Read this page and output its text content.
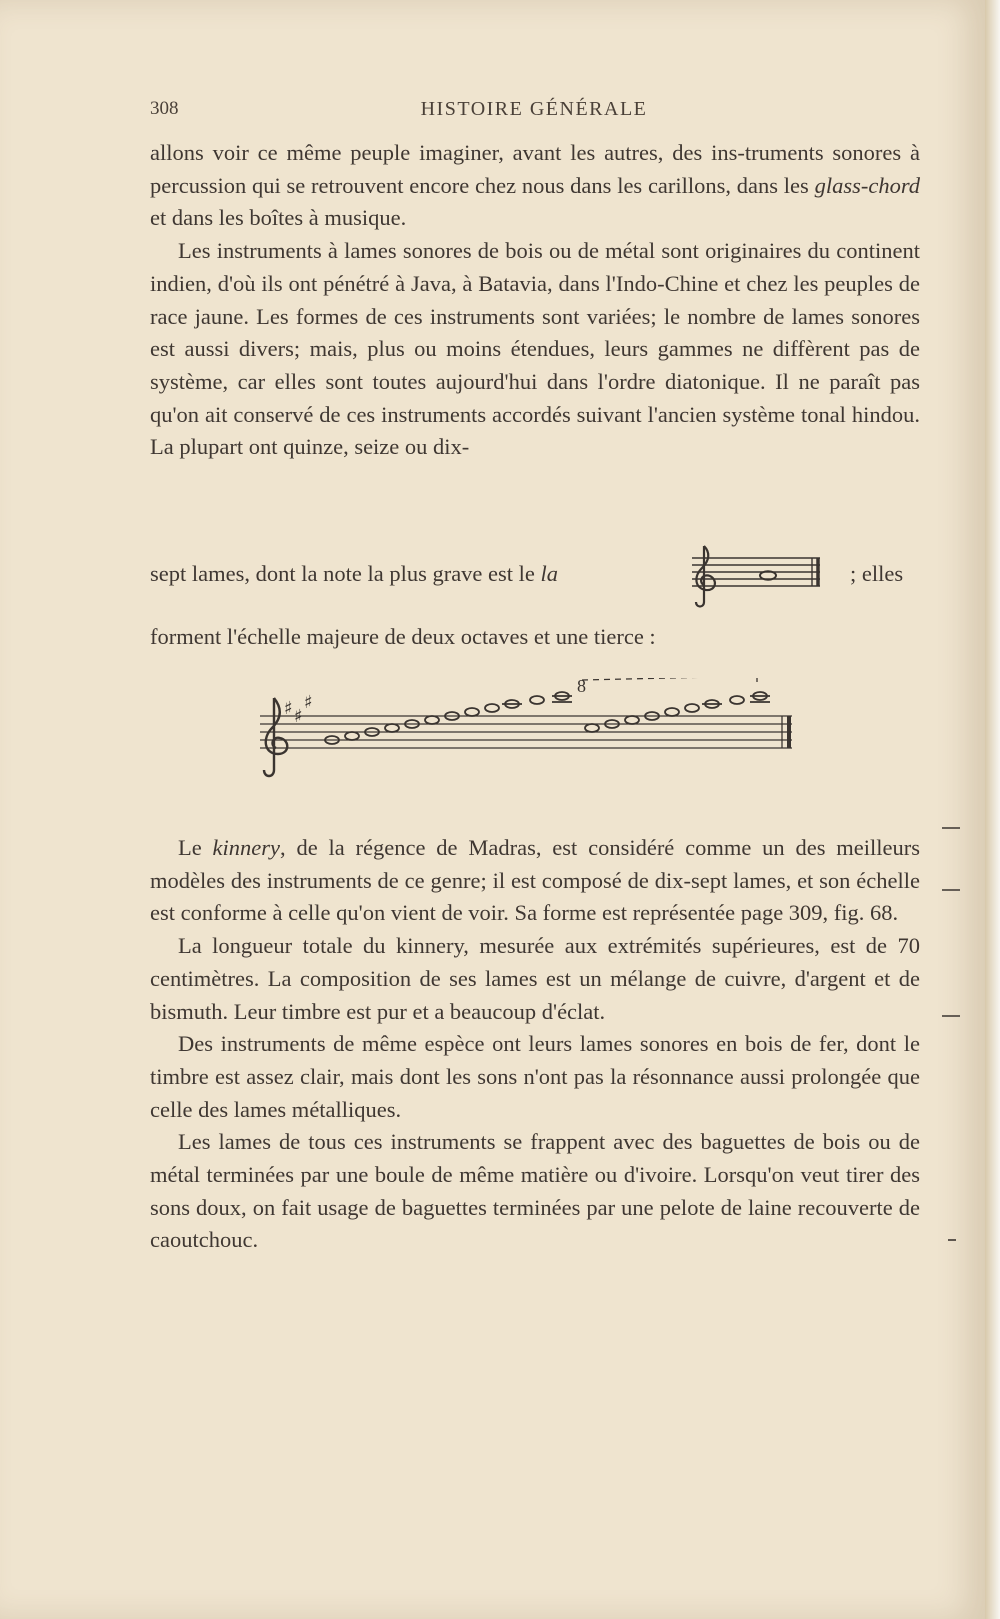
308	HISTOIRE GÉNÉRALE

allons voir ce même peuple imaginer, avant les autres, des ins-truments sonores à percussion qui se retrouvent encore chez nous dans les carillons, dans les glass-chord et dans les boîtes à musique.

Les instruments à lames sonores de bois ou de métal sont originaires du continent indien, d'où ils ont pénétré à Java, à Batavia, dans l'Indo-Chine et chez les peuples de race jaune. Les formes de ces instruments sont variées; le nombre de lames sonores est aussi divers; mais, plus ou moins étendues, leurs gammes ne diffèrent pas de système, car elles sont toutes aujourd'hui dans l'ordre diatonique. Il ne paraît pas qu'on ait conservé de ces instruments accordés suivant l'ancien système tonal hindou. La plupart ont quinze, seize ou dix-

sept lames, dont la note la plus grave est le la	; elles
forment l'échelle majeure de deux octaves et une tierce :
♯ ♯
♯
8

Le kinnery, de la régence de Madras, est considéré comme un des meilleurs modèles des instruments de ce genre; il est composé de dix-sept lames, et son échelle est conforme à celle qu'on vient de voir. Sa forme est représentée page 309, fig. 68.

La longueur totale du kinnery, mesurée aux extrémités supérieures, est de 70 centimètres. La composition de ses lames est un mélange de cuivre, d'argent et de bismuth. Leur timbre est pur et a beaucoup d'éclat.

Des instruments de même espèce ont leurs lames sonores en bois de fer, dont le timbre est assez clair, mais dont les sons n'ont pas la résonnance aussi prolongée que celle des lames métalliques.

Les lames de tous ces instruments se frappent avec des baguettes de bois ou de métal terminées par une boule de même matière ou d'ivoire. Lorsqu'on veut tirer des sons doux, on fait usage de baguettes terminées par une pelote de laine recouverte de caoutchouc.
